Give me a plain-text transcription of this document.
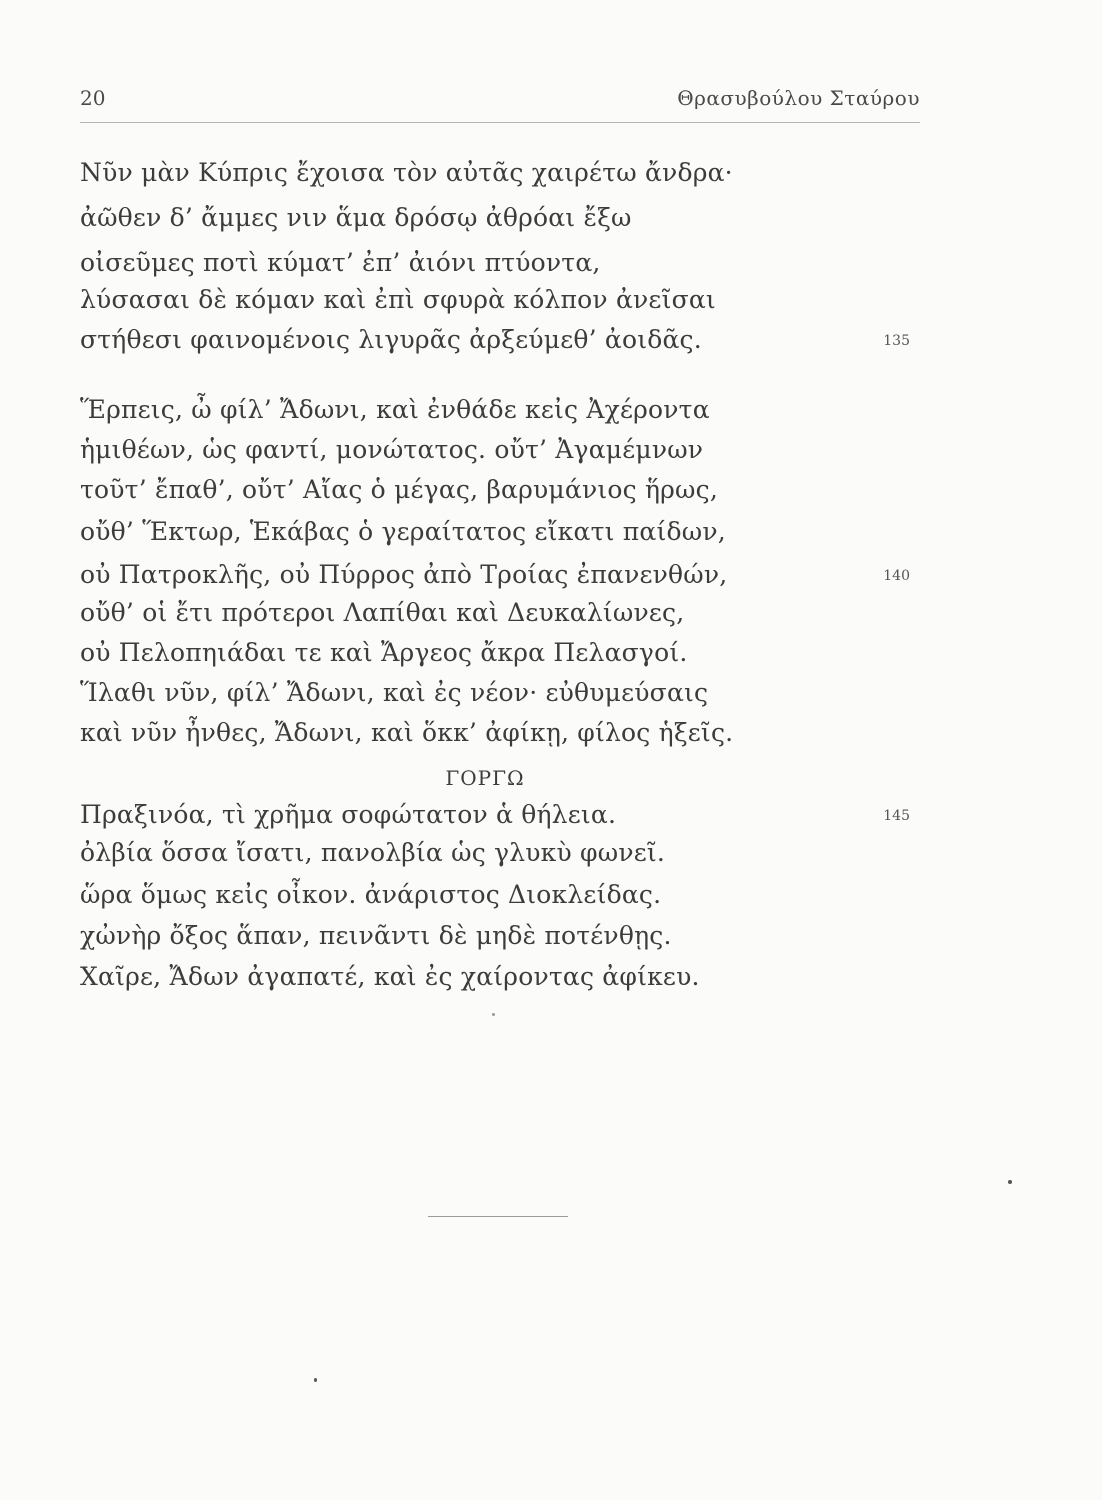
20	Θρασυβούλου Σταύρου
Νῦν μὰν Κύπρις ἔχοισα τὸν αὐτᾶς χαιρέτω ἄνδρα·
ἀῶθεν δ’ ἄμμες νιν ἅμα δρόσῳ ἀθρόαι ἔξω
οἰσεῦμες ποτὶ κύματ’ ἐπ’ ἀιόνι πτύοντα,
λύσασαι δὲ κόμαν καὶ ἐπὶ σφυρὰ κόλπον ἀνεῖσαι
στήθεσι φαινομένοις λιγυρᾶς ἀρξεύμεθ’ ἀοιδᾶς.	135
Ἕρπεις, ὦ φίλ’ Ἄδωνι, καὶ ἐνθάδε κεἰς Ἀχέροντα
ἡμιθέων, ὡς φαντί, μονώτατος. οὔτ’ Ἀγαμέμνων
τοῦτ’ ἔπαθ’, οὔτ’ Αἴας ὁ μέγας, βαρυμάνιος ἥρως,
οὔθ’ Ἕκτωρ, Ἑκάβας ὁ γεραίτατος εἴκατι παίδων,
οὐ Πατροκλῆς, οὐ Πύρρος ἀπὸ Τροίας ἐπανενθών,	140
οὔθ’ οἱ ἔτι πρότεροι Λαπίθαι καὶ Δευκαλίωνες,
οὐ Πελοπηιάδαι τε καὶ Ἄργεος ἄκρα Πελασγοί.
Ἵλαθι νῦν, φίλ’ Ἄδωνι, καὶ ἐς νέον· εὐθυμεύσαις
καὶ νῦν ἦνθες, Ἄδωνι, καὶ ὅκκ’ ἀφίκῃ, φίλος ἡξεῖς.
ΓΟΡΓΩ
Πραξινόα, τὶ χρῆμα σοφώτατον ἁ θήλεια.	145
ὀλβία ὅσσα ἴσατι, πανολβία ὡς γλυκὺ φωνεῖ.
ὥρα ὅμως κεἰς οἶκον. ἀνάριστος Διοκλείδας.
χὠνὴρ ὄξος ἅπαν, πεινᾶντι δὲ μηδὲ ποτένθῃς.
Χαῖρε, Ἄδων ἀγαπατέ, καὶ ἐς χαίροντας ἀφίκευ.
